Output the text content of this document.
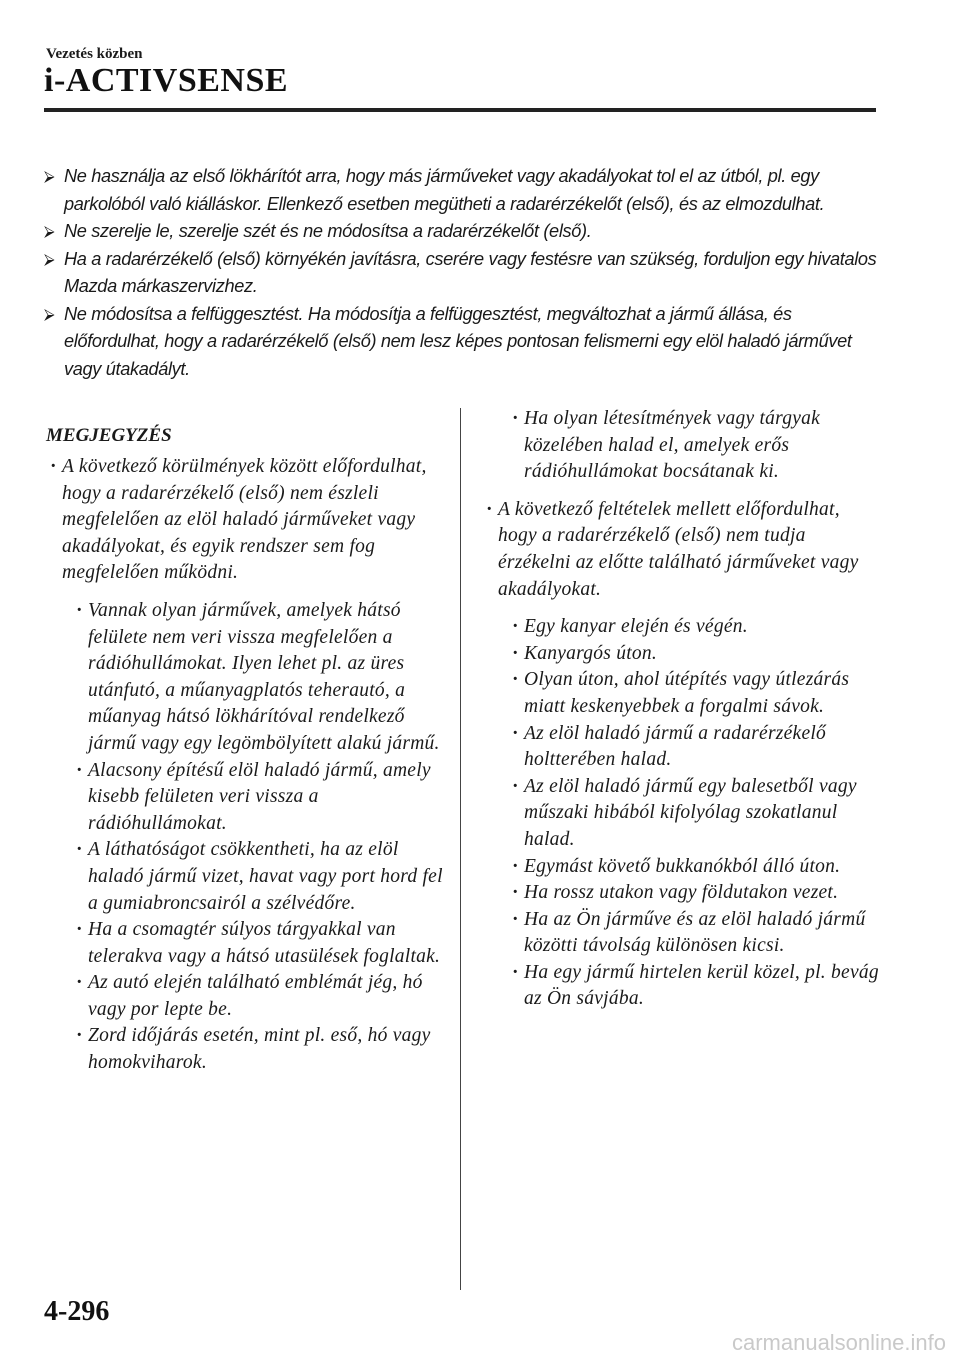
Vezetés közben
i-ACTIVSENSE
⮚ Ne használja az első lökhárítót arra, hogy más járműveket vagy akadályokat tol el az útból, pl. egy parkolóból való kiálláskor. Ellenkező esetben megütheti a radarérzékelőt (első), és az elmozdulhat.
⮚ Ne szerelje le, szerelje szét és ne módosítsa a radarérzékelőt (első).
⮚ Ha a radarérzékelő (első) környékén javításra, cserére vagy festésre van szükség, forduljon egy hivatalos Mazda márkaszervizhez.
⮚ Ne módosítsa a felfüggesztést. Ha módosítja a felfüggesztést, megváltozhat a jármű állása, és előfordulhat, hogy a radarérzékelő (első) nem lesz képes pontosan felismerni egy elöl haladó járművet vagy útakadályt.
MEGJEGYZÉS
· A következő körülmények között előfordulhat, hogy a radarérzékelő (első) nem észleli megfelelően az elöl haladó járműveket vagy akadályokat, és egyik rendszer sem fog megfelelően működni.
· Vannak olyan járművek, amelyek hátsó felülete nem veri vissza megfelelően a rádióhullámokat. Ilyen lehet pl. az üres utánfutó, a műanyagplatós teherautó, a műanyag hátsó lökhárítóval rendelkező jármű vagy egy legömbölyített alakú jármű.
· Alacsony építésű elöl haladó jármű, amely kisebb felületen veri vissza a rádióhullámokat.
· A láthatóságot csökkentheti, ha az elöl haladó jármű vizet, havat vagy port hord fel a gumiabroncsairól a szélvédőre.
· Ha a csomagtér súlyos tárgyakkal van telerakva vagy a hátsó utasülések foglaltak.
· Az autó elején található emblémát jég, hó vagy por lepte be.
· Zord időjárás esetén, mint pl. eső, hó vagy homokviharok.
· Ha olyan létesítmények vagy tárgyak közelében halad el, amelyek erős rádióhullámokat bocsátanak ki.
· A következő feltételek mellett előfordulhat, hogy a radarérzékelő (első) nem tudja érzékelni az előtte található járműveket vagy akadályokat.
· Egy kanyar elején és végén.
· Kanyargós úton.
· Olyan úton, ahol útépítés vagy útlezárás miatt keskenyebbek a forgalmi sávok.
· Az elöl haladó jármű a radarérzékelő holtterében halad.
· Az elöl haladó jármű egy balesetből vagy műszaki hibából kifolyólag szokatlanul halad.
· Egymást követő bukkanókból álló úton.
· Ha rossz utakon vagy földutakon vezet.
· Ha az Ön járműve és az elöl haladó jármű közötti távolság különösen kicsi.
· Ha egy jármű hirtelen kerül közel, pl. bevág az Ön sávjába.
4-296
carmanualsonline.info
